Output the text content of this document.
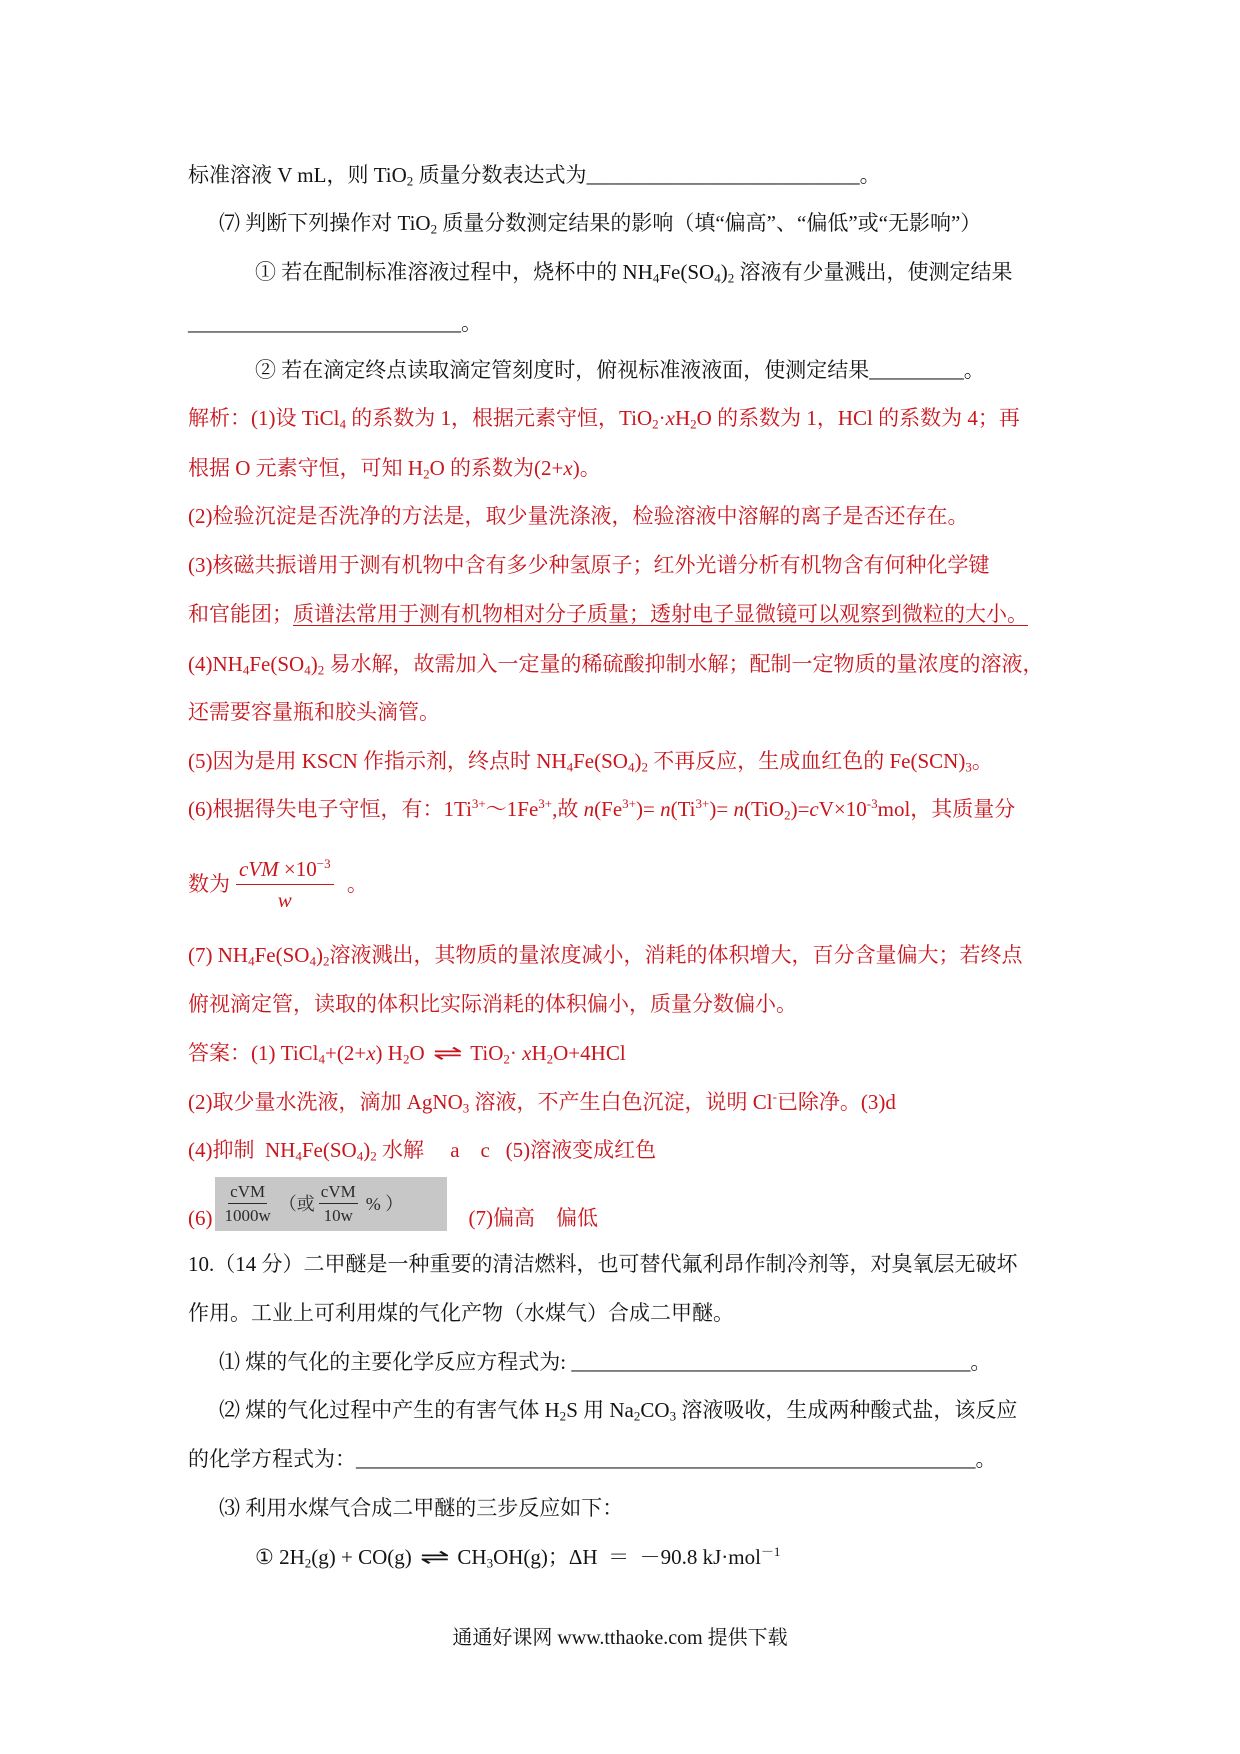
标准溶液 V mL，则 TiO2 质量分数表达式为__________________________。
⑺ 判断下列操作对 TiO2 质量分数测定结果的影响（填“偏高”、“偏低”或“无影响”）
① 若在配制标准溶液过程中，烧杯中的 NH4Fe(SO4)2 溶液有少量溅出，使测定结果
__________________________。
② 若在滴定终点读取滴定管刻度时，俯视标准液液面，使测定结果_________。
解析：(1)设 TiCl4 的系数为 1，根据元素守恒，TiO2·xH2O 的系数为 1，HCl 的系数为 4；再
根据 O 元素守恒，可知 H2O 的系数为(2+x)。
(2)检验沉淀是否洗净的方法是，取少量洗涤液，检验溶液中溶解的离子是否还存在。
(3)核磁共振谱用于测有机物中含有多少种氢原子；红外光谱分析有机物含有何种化学键
和官能团；质谱法常用于测有机物相对分子质量；透射电子显微镜可以观察到微粒的大小。
(4)NH4Fe(SO4)2 易水解，故需加入一定量的稀硫酸抑制水解；配制一定物质的量浓度的溶液，
还需要容量瓶和胶头滴管。
(5)因为是用 KSCN 作指示剂，终点时 NH4Fe(SO4)2 不再反应，生成血红色的 Fe(SCN)3。
(6)根据得失电子守恒，有：$1Ti^{3+}\sim 1Fe^{3+}$,故 $n(Fe^{3+})= n(Ti^{3+})= n(TiO2)=cV\times 10^{-3}mol$，其质量分
数为 $\frac{cVM \times 10^{-3}}{w}$ 。
(7) NH4Fe(SO4)2溶液溅出，其物质的量浓度减小，消耗的体积增大，百分含量偏大；若终点
俯视滴定管，读取的体积比实际消耗的体积偏小，质量分数偏小。
答案：(1) TiCl4+(2+x) H2O ⇌ TiO2· xH2O+4HCl
(2)取少量水洗液，滴加 AgNO3 溶液，不产生白色沉淀，说明 Cl-已除净。(3)d
(4)抑制  NH4Fe(SO4)2 水解     a    c   (5)溶液变成红色
$(6) \frac{\text{cVM}}{1000w}$ （或 $\frac{\text{cVM}}{10w}$ % ）
(7)偏高    偏低
10.（14 分）二甲醚是一种重要的清洁燃料，也可替代氟利昂作制冷剂等，对臭氧层无破坏
作用。工业上可利用煤的气化产物（水煤气）合成二甲醚。
⑴ 煤的气化的主要化学反应方程式为: ______________________________________。
⑵ 煤的气化过程中产生的有害气体 H2S 用 Na2CO3 溶液吸收，生成两种酸式盐，该反应
的化学方程式为：___________________________________________________________。
⑶ 利用水煤气合成二甲醚的三步反应如下：
① 2H2(g) + CO(g) ⇌ CH3OH(g)；ΔH  ＝  －90.8 kJ·mol$^{-1}$
通通好课网 www.tthaoke.com 提供下载
